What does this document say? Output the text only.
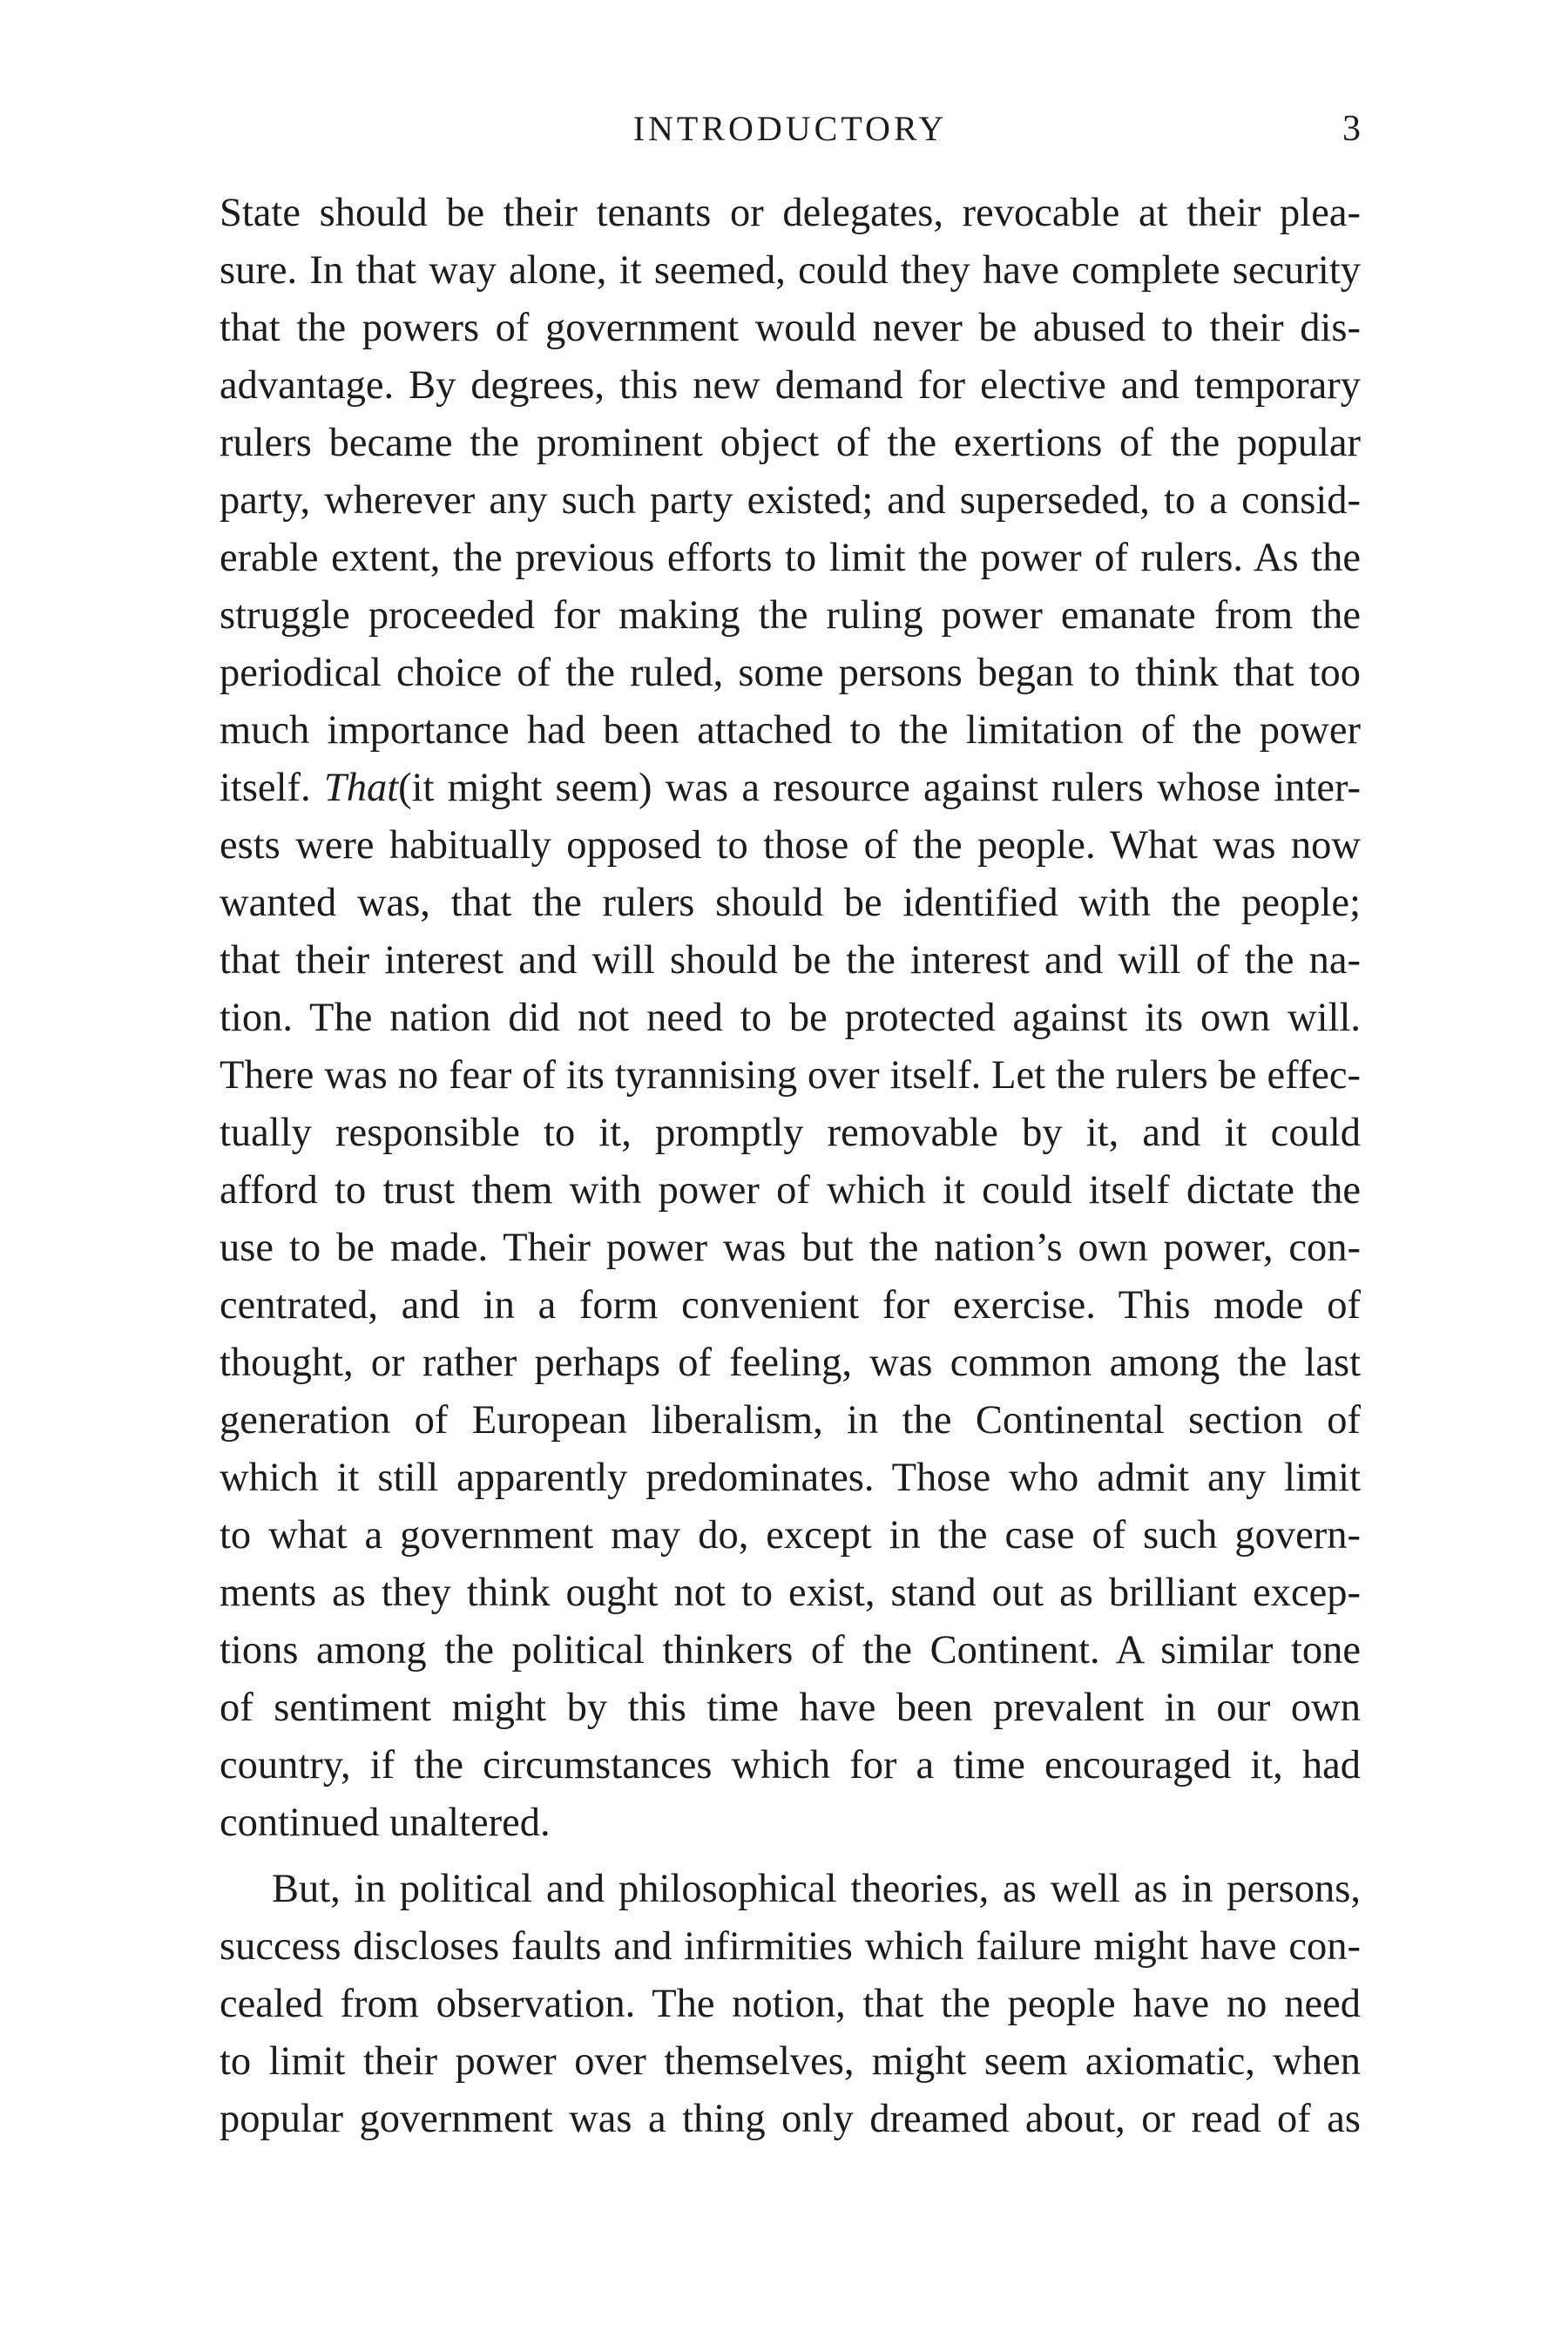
INTRODUCTORY	3
State should be their tenants or delegates, revocable at their plea-
sure. In that way alone, it seemed, could they have complete security
that the powers of government would never be abused to their dis-
advantage. By degrees, this new demand for elective and temporary
rulers became the prominent object of the exertions of the popular
party, wherever any such party existed; and superseded, to a consid-
erable extent, the previous efforts to limit the power of rulers. As the
struggle proceeded for making the ruling power emanate from the
periodical choice of the ruled, some persons began to think that too
much importance had been attached to the limitation of the power
itself. That(it might seem) was a resource against rulers whose inter-
ests were habitually opposed to those of the people. What was now
wanted was, that the rulers should be identified with the people;
that their interest and will should be the interest and will of the na-
tion. The nation did not need to be protected against its own will.
There was no fear of its tyrannising over itself. Let the rulers be effec-
tually responsible to it, promptly removable by it, and it could
afford to trust them with power of which it could itself dictate the
use to be made. Their power was but the nation’s own power, con-
centrated, and in a form convenient for exercise. This mode of
thought, or rather perhaps of feeling, was common among the last
generation of European liberalism, in the Continental section of
which it still apparently predominates. Those who admit any limit
to what a government may do, except in the case of such govern-
ments as they think ought not to exist, stand out as brilliant excep-
tions among the political thinkers of the Continent. A similar tone
of sentiment might by this time have been prevalent in our own
country, if the circumstances which for a time encouraged it, had
continued unaltered.
But, in political and philosophical theories, as well as in persons,
success discloses faults and infirmities which failure might have con-
cealed from observation. The notion, that the people have no need
to limit their power over themselves, might seem axiomatic, when
popular government was a thing only dreamed about, or read of as
